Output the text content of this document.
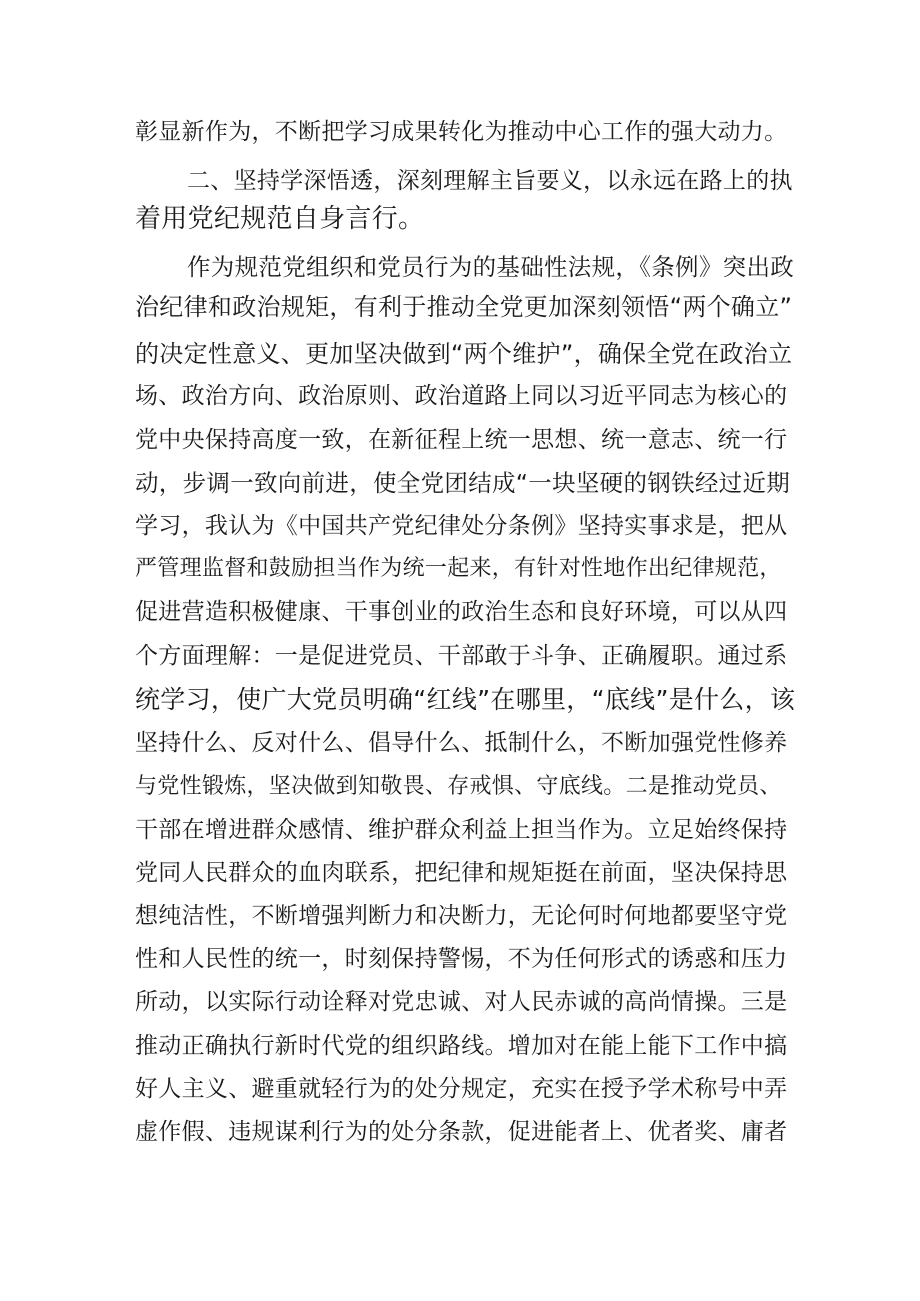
彰显新作为，不断把学习成果转化为推动中心工作的强大动力。
二、坚持学深悟透，深刻理解主旨要义，以永远在路上的执
着用党纪规范自身言行。
作为规范党组织和党员行为的基础性法规，《条例》突出政
治纪律和政治规矩，有利于推动全党更加深刻领悟“两个确立”
的决定性意义、更加坚决做到“两个维护”，确保全党在政治立
场、政治方向、政治原则、政治道路上同以习近平同志为核心的
党中央保持高度一致，在新征程上统一思想、统一意志、统一行
动，步调一致向前进，使全党团结成“一块坚硬的钢铁经过近期
学习，我认为《中国共产党纪律处分条例》坚持实事求是，把从
严管理监督和鼓励担当作为统一起来，有针对性地作出纪律规范，
促进营造积极健康、干事创业的政治生态和良好环境，可以从四
个方面理解：一是促进党员、干部敢于斗争、正确履职。通过系
统学习，使广大党员明确“红线”在哪里，“底线”是什么，该
坚持什么、反对什么、倡导什么、抵制什么，不断加强党性修养
与党性锻炼，坚决做到知敬畏、存戒惧、守底线。二是推动党员、
干部在增进群众感情、维护群众利益上担当作为。立足始终保持
党同人民群众的血肉联系，把纪律和规矩挺在前面，坚决保持思
想纯洁性，不断增强判断力和决断力，无论何时何地都要坚守党
性和人民性的统一，时刻保持警惕，不为任何形式的诱惑和压力
所动，以实际行动诠释对党忠诚、对人民赤诚的高尚情操。三是
推动正确执行新时代党的组织路线。增加对在能上能下工作中搞
好人主义、避重就轻行为的处分规定，充实在授予学术称号中弄
虚作假、违规谋利行为的处分条款，促进能者上、优者奖、庸者
